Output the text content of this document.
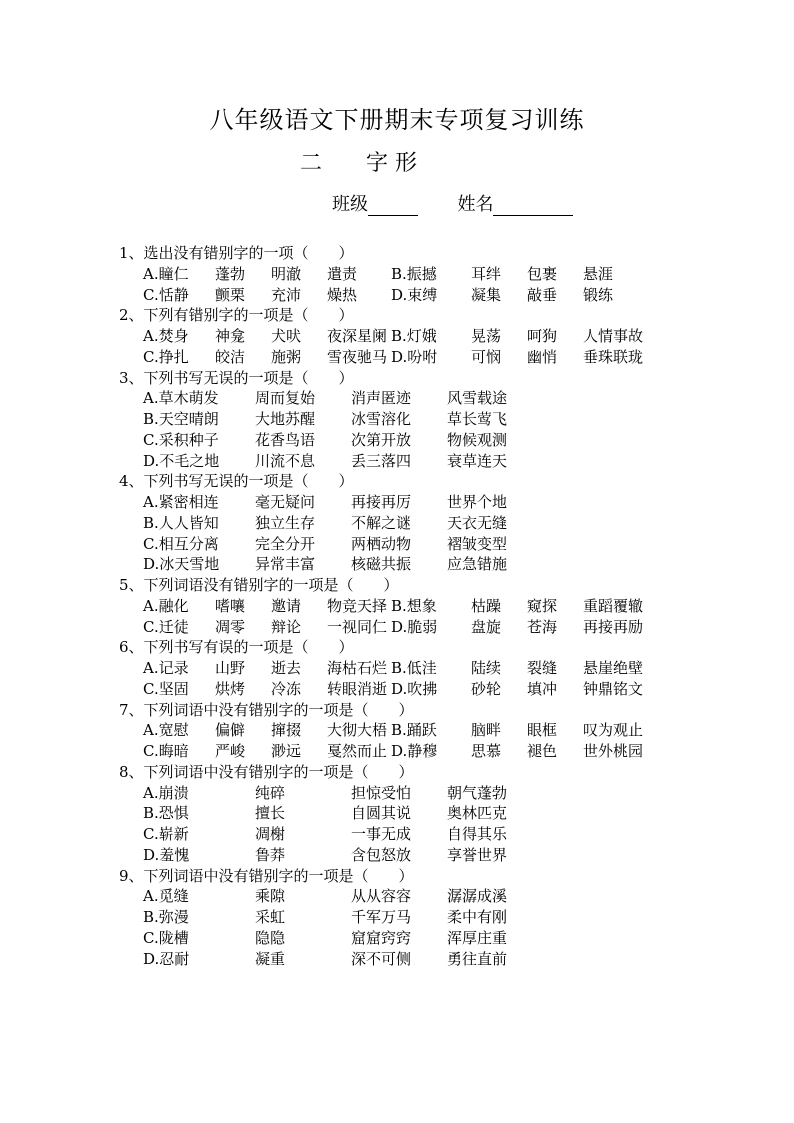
八年级语文下册期末专项复习训练
二　　字 形
班级	姓名
1、选出没有错别字的一项（　　）
A.瞳仁 蓬勃 明澈 遣责 B.振撼 耳绊 包裹 悬涯
C.恬静 颤栗 充沛 燥热 D.束缚 凝集 敲垂 锻练
2、下列有错别字的一项是（　　）
A.焚身 神龛 犬吠 夜深星阑 B.灯娥 晃荡 呵狗 人情事故
C.挣扎 皎洁 施粥 雪夜驰马 D.吩咐 可悯 幽悄 垂珠联珑
3、下列书写无误的一项是（　　）
A.草木萌发 周而复始 消声匿迹 风雪载途
B.天空晴朗 大地苏醒 冰雪溶化 草长莺飞
C.采积种子 花香鸟语 次第开放 物候观测
D.不毛之地 川流不息 丢三落四 衰草连天
4、下列书写无误的一项是（　　）
A.紧密相连 毫无疑问 再接再厉 世界个地
B.人人皆知 独立生存 不解之谜 天衣无缝
C.相互分离 完全分开 两栖动物 褶皱变型
D.冰天雪地 异常丰富 核磁共振 应急错施
5、下列词语没有错别字的一项是（　　）
A.融化 嗜嚷 邀请 物竞天择 B.想象 枯躁 窥探 重蹈覆辙
C.迁徒 凋零 辩论 一视同仁 D.脆弱 盘旋 苍海 再接再励
6、下列书写有误的一项是（　　）
A.记录 山野 逝去 海枯石烂 B.低洼 陆续 裂缝 悬崖绝壁
C.坚固 烘烤 冷冻 转眼消逝 D.吹拂 砂轮 填冲 钟鼎铭文
7、下列词语中没有错别字的一项是（　　）
A.宽慰 偏僻 撺掇 大彻大梧 B.踊跃 脑畔 眼框 叹为观止
C.晦暗 严峻 渺远 戛然而止 D.静穆 思慕 褪色 世外桃园
8、下列词语中没有错别字的一项是（　　）
A.崩溃	纯碎	担惊受怕 朝气蓬勃
B.恐惧	擅长	自圆其说 奥林匹克
C.崭新	凋榭	一事无成 自得其乐
D.羞愧	鲁莽	含包怒放 享誉世界
9、下列词语中没有错别字的一项是（　　）
A.觅缝	乘隙	从从容容 潺潺成溪
B.弥漫	采虹	千军万马 柔中有刚
C.陇槽	隐隐	窟窟窍窍 浑厚庄重
D.忍耐	凝重	深不可侧 勇往直前
